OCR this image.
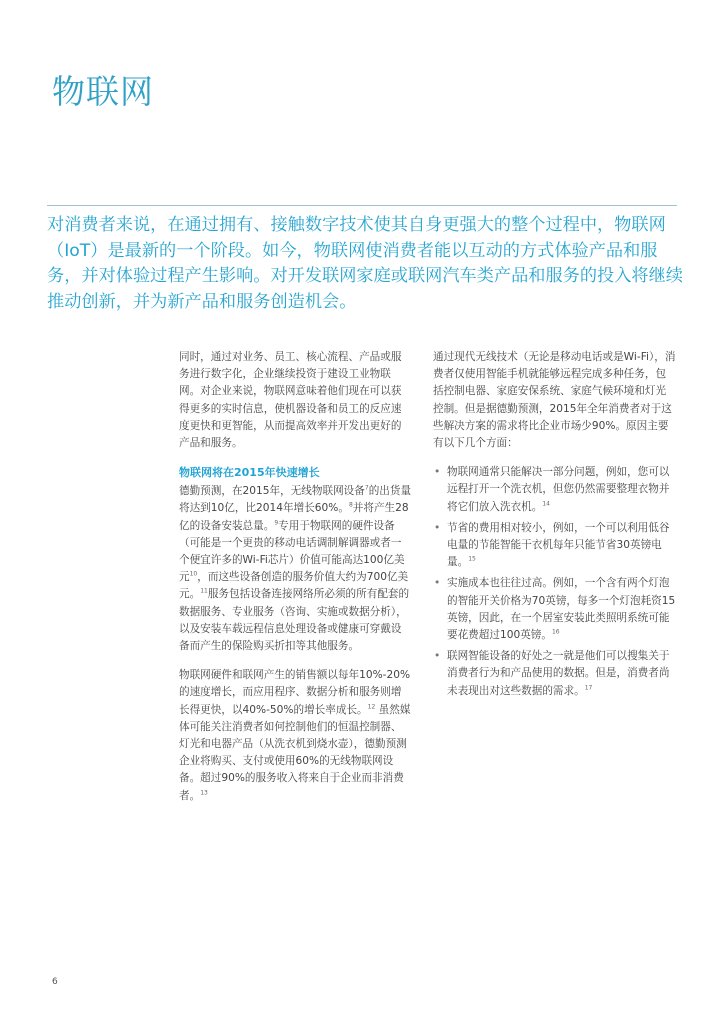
物联网
对消费者来说，在通过拥有、接触数字技术使其自身更强大的整个过程中，物联网（IoT）是最新的一个阶段。如今，物联网使消费者能以互动的方式体验产品和服务，并对体验过程产生影响。对开发联网家庭或联网汽车类产品和服务的投入将继续推动创新，并为新产品和服务创造机会。

同时，通过对业务、员工、核心流程、产品或服务进行数字化，企业继续投资于建设工业物联网。对企业来说，物联网意味着他们现在可以获得更多的实时信息，使机器设备和员工的反应速度更快和更智能，从而提高效率并开发出更好的产品和服务。

物联网将在2015年快速增长

德勤预测，在2015年，无线物联网设备$^7$的出货量将达到10亿，比2014年增长60%。$^8$并将产生28亿的设备安装总量。$^9$专用于物联网的硬件设备（可能是一个更贵的移动电话调制解调器或者一个便宜许多的Wi-Fi芯片）价值可能高达100亿美元$^{10}$，而这些设备创造的服务价值大约为700亿美元。$^{11}$服务包括设备连接网络所必须的所有配套的数据服务、专业服务（咨询、实施或数据分析），以及安装车载远程信息处理设备或健康可穿戴设备而产生的保险购买折扣等其他服务。

物联网硬件和联网产生的销售额以每年10%-20%的速度增长，而应用程序、数据分析和服务则增长得更快，以40%-50%的增长率成长。$^{12}$ 虽然媒体可能关注消费者如何控制他们的恒温控制器、灯光和电器产品（从洗衣机到烧水壶），德勤预测企业将购买、支付或使用60%的无线物联网设备。超过90%的服务收入将来自于企业而非消费者。$^{13}$

通过现代无线技术（无论是移动电话或是Wi-Fi），消费者仅使用智能手机就能够远程完成多种任务，包括控制电器、家庭安保系统、家庭气候环境和灯光控制。但是据德勤预测，2015年全年消费者对于这些解决方案的需求将比企业市场少90%。原因主要有以下几个方面：

• 物联网通常只能解决一部分问题，例如，您可以远程打开一个洗衣机，但您仍然需要整理衣物并将它们放入洗衣机。$^{14}$
• 节省的费用相对较小，例如，一个可以利用低谷电量的节能智能干衣机每年只能节省30英镑电量。$^{15}$
• 实施成本也往往过高。例如，一个含有两个灯泡的智能开关价格为70英镑，每多一个灯泡耗资15英镑，因此，在一个居室安装此类照明系统可能要花费超过100英镑。$^{16}$
• 联网智能设备的好处之一就是他们可以搜集关于消费者行为和产品使用的数据。但是，消费者尚未表现出对这些数据的需求。$^{17}$
6
